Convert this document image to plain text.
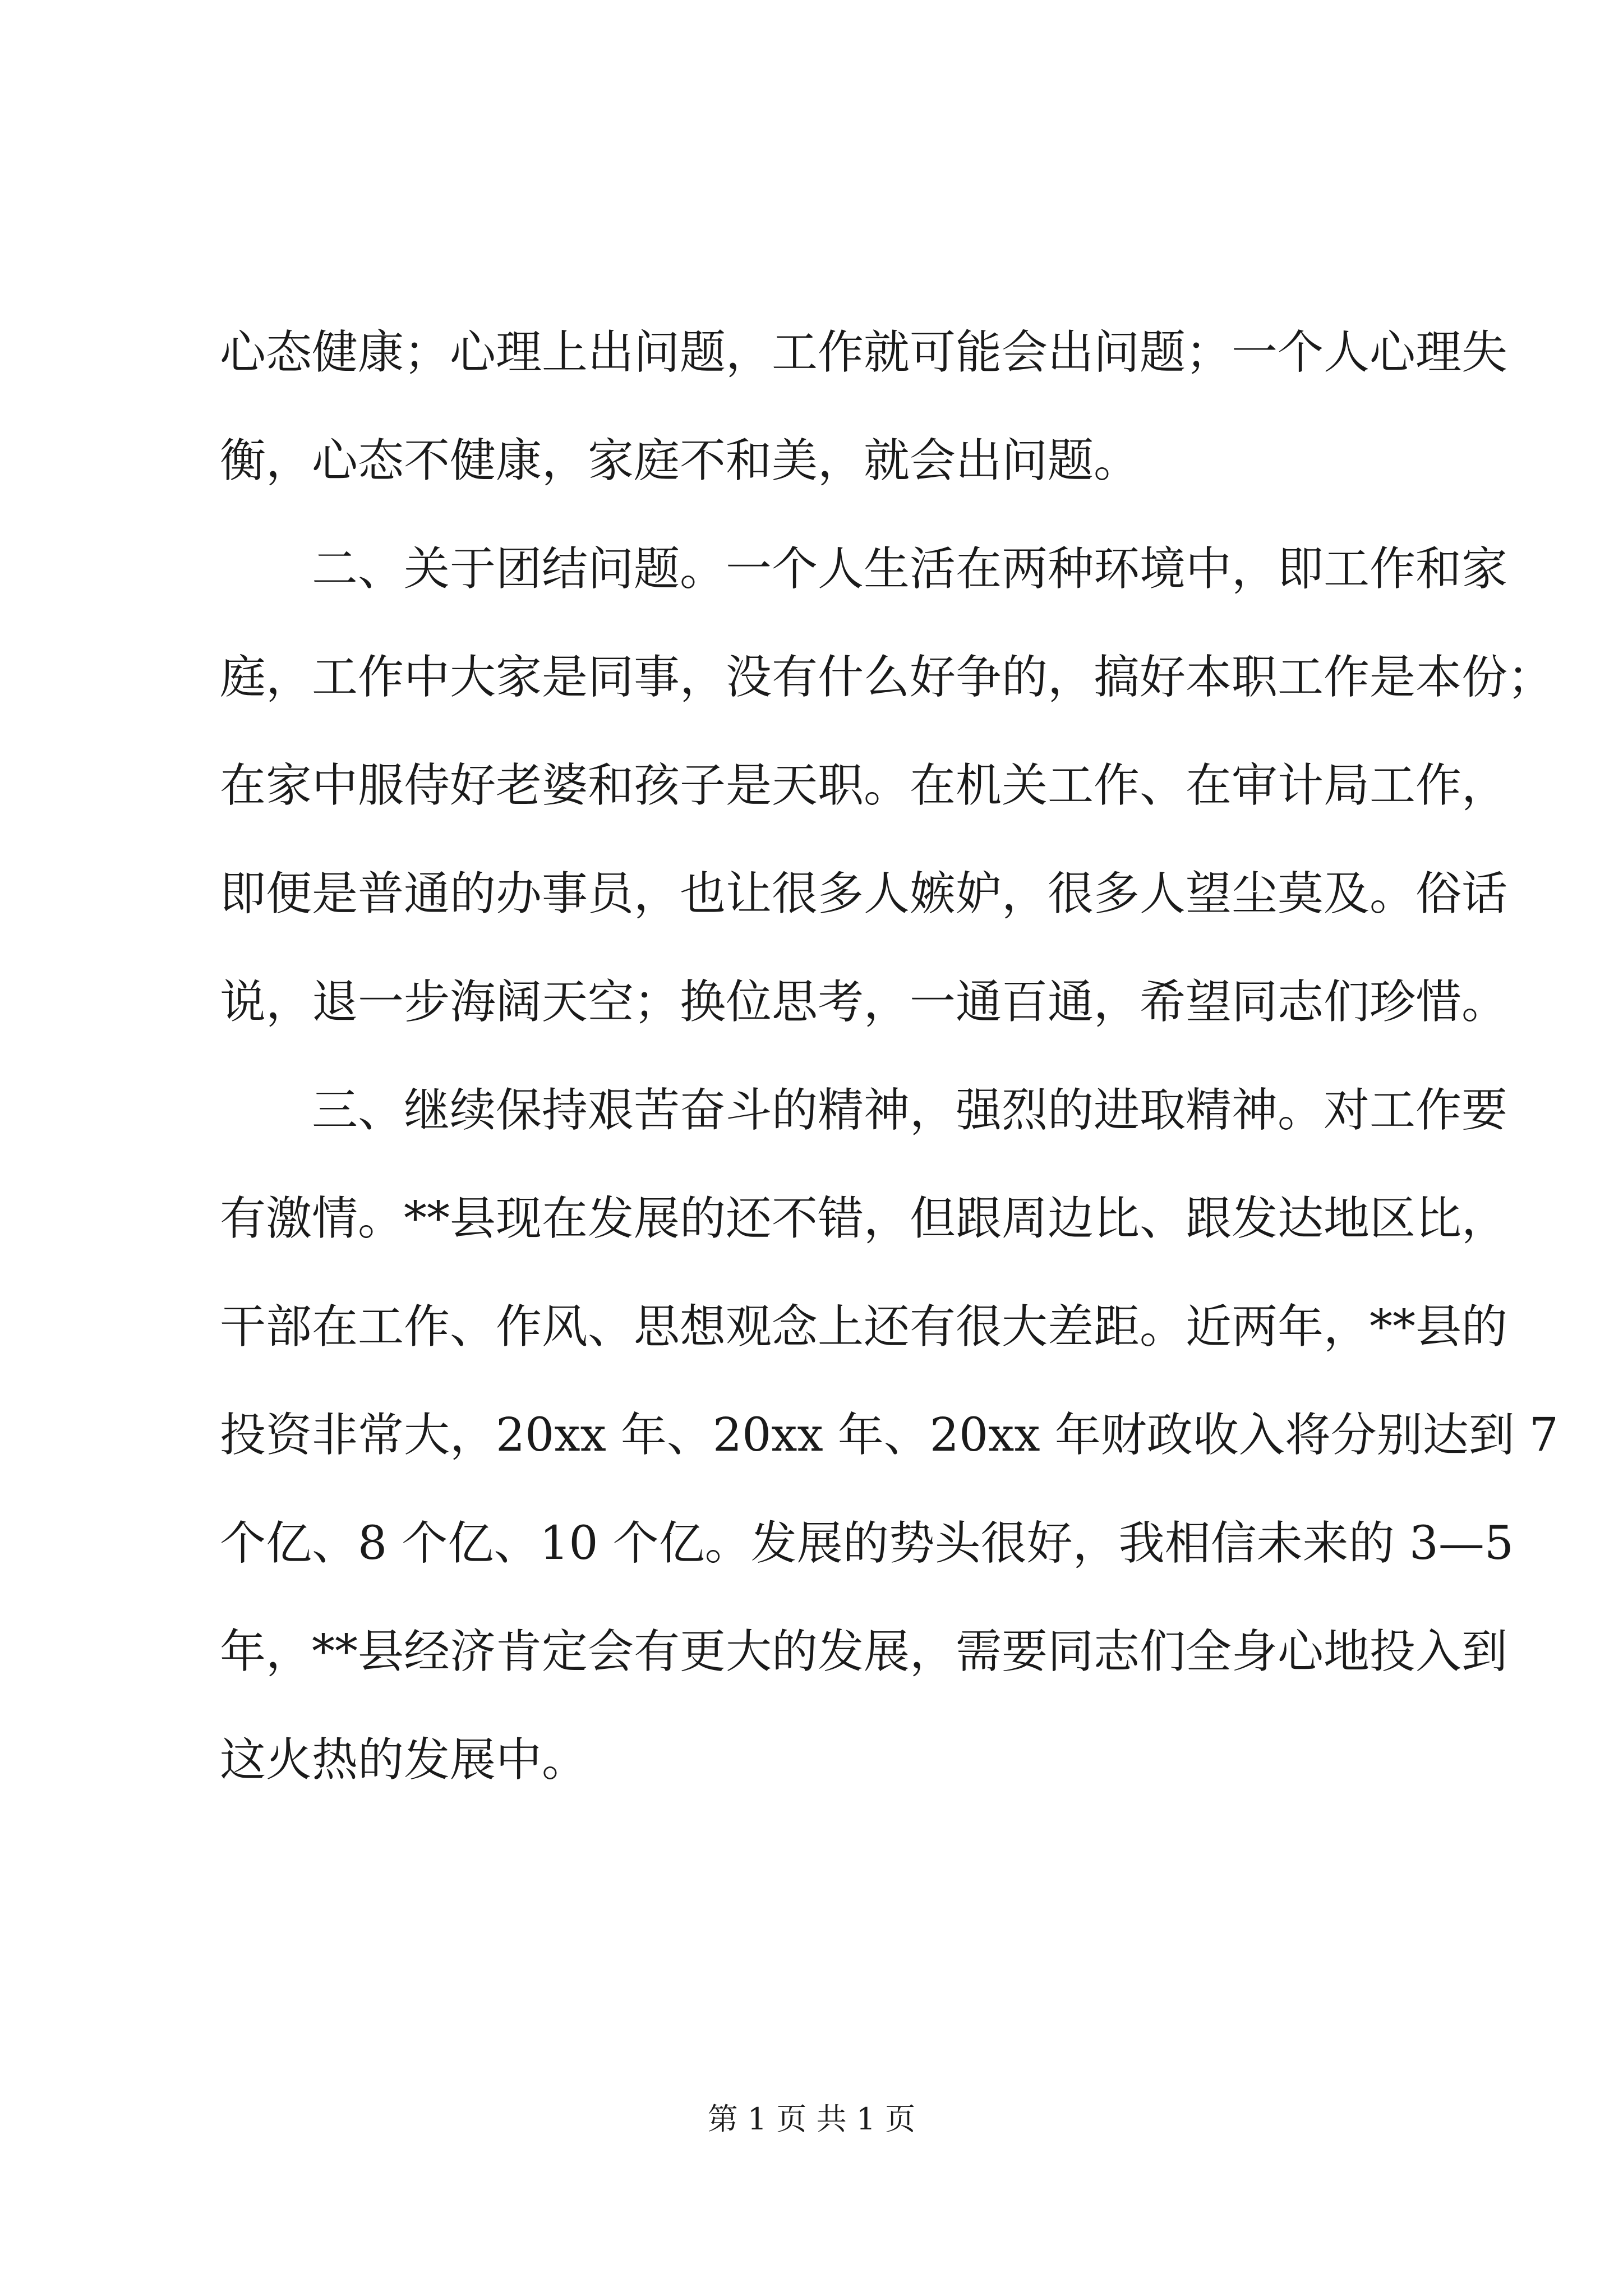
心态健康；心理上出问题，工作就可能会出问题；一个人心理失
衡，心态不健康，家庭不和美，就会出问题。
二、关于团结问题。一个人生活在两种环境中，即工作和家
庭，工作中大家是同事，没有什么好争的，搞好本职工作是本份；
在家中服侍好老婆和孩子是天职。在机关工作、在审计局工作，
即便是普通的办事员，也让很多人嫉妒，很多人望尘莫及。俗话
说，退一步海阔天空；换位思考，一通百通，希望同志们珍惜。
三、继续保持艰苦奋斗的精神，强烈的进取精神。对工作要
有激情。**县现在发展的还不错，但跟周边比、跟发达地区比，
干部在工作、作风、思想观念上还有很大差距。近两年，**县的
投资非常大，20xx 年、20xx 年、20xx 年财政收入将分别达到 7
个亿、8 个亿、10 个亿。发展的势头很好，我相信未来的 3—5
年，**县经济肯定会有更大的发展，需要同志们全身心地投入到
这火热的发展中。
第 1 页 共 1 页
